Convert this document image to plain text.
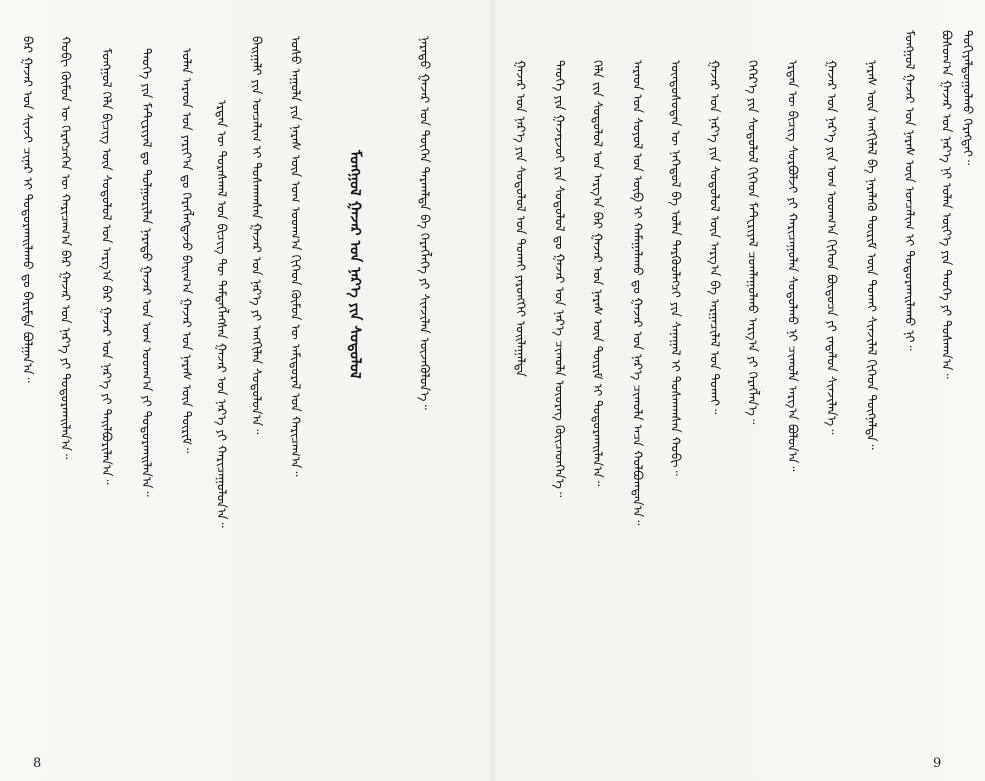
ᠪᠡᠷ ᠭᠠᠵᠠᠷ ᠤᠨ ᠰᠢᠨᠵᠢ ᠴᠢᠨᠠᠷ ᠢ ᠲᠣᠳᠣᠷᠬᠠᠢᠯᠠᠬᠤ ᠳᠤ ᠪᠠᠷᠢᠮᠲᠠ ᠪᠣᠯᠭᠠᠨ᠎ᠠ᠃ ᠬᠤᠪᠢ ᠬᠦᠮᠦᠨ ᠦ ᠬᠡᠷᠡᠭᠴᠡᠭᠡᠨ ᠦ ᠬᠠᠷᠢᠴᠠᠭ᠎ᠠ ᠪᠡᠷ ᠭᠠᠵᠠᠷ ᠤᠨ ᠨᠡᠷ᠎ᠡ ᠶᠢ ᠲᠣᠳᠣᠷᠬᠠᠢᠯᠠᠨ᠎ᠠ᠃ ᠮᠣᠩᠭᠣᠯ ᠬᠡᠯᠡ ᠪᠢᠴᠢᠭ ᠦᠨ ᠰᠤᠳᠤᠯᠤᠯ ᠤᠨ ᠠᠷᠭ᠎ᠠ ᠪᠠᠷ ᠭᠠᠵᠠᠷ ᠤᠨ ᠨᠡᠷ᠎ᠡ ᠶᠢ ᠲᠠᠢᠯᠪᠤᠷᠢᠯᠠᠨ᠎ᠠ᠃ ᠲᠡᠦᠬᠡ ᠶᠢᠨ ᠮᠠᠲ᠋ᠧᠷᠢᠶᠠᠯ ᠳᠤ ᠲᠤᠯᠭᠤᠷᠢᠯᠠᠨ ᠨᠡᠷᠡᠲᠦ ᠭᠠᠵᠠᠷ ᠤᠨ ᠤᠭ ᠤᠳᠬ᠎ᠠ ᠶᠢ ᠲᠣᠳᠣᠷᠬᠠᠢᠯᠠᠨ᠎ᠠ᠃ ᠣᠯᠠᠨ ᠠᠷᠠᠳ ᠤᠨ ᠶᠠᠷᠢᠶ᠎ᠠ ᠳᠤ ᠬᠡᠷᠡᠭᠯᠡᠭᠳᠡᠵᠦ ᠪᠠᠢᠭ᠎ᠠ ᠭᠠᠵᠠᠷ ᠤᠨ ᠨᠡᠷᠡᠰ ᠦᠨ ᠳᠦᠷᠢᠮ᠃ ᠡᠷᠲᠡᠨ ᠦ ᠳᠤᠷᠠᠰᠬᠠᠯ ᠤᠨ ᠪᠢᠴᠢᠭ ᠲᠦ ᠲᠡᠮᠳᠡᠭᠯᠡᠭᠰᠡᠨ ᠭᠠᠵᠠᠷ ᠤᠨ ᠨᠡᠷ᠎ᠡ ᠶᠢ ᠬᠠᠷᠢᠴᠠᠭᠤᠯᠤᠨ᠎ᠠ᠃ ᠪᠠᠢᠭᠠᠯᠢ ᠶᠢᠨ ᠣᠨᠴᠠᠯᠢᠭ ᠢ ᠲᠤᠰᠬᠠᠭᠰᠠᠨ ᠭᠠᠵᠠᠷ ᠤᠨ ᠨᠡᠷ᠎ᠡ ᠶᠢ ᠠᠩᠭᠢᠯᠠᠨ ᠰᠤᠳᠤᠯᠤᠨ᠎ᠠ᠃ ᠤᠰᠤ ᠠᠭᠤᠯᠠ ᠶᠢᠨ ᠨᠡᠷᠡᠰ ᠦᠨ ᠤᠭ ᠤᠳᠬ᠎ᠠ ᠬᠢᠭᠡᠳ ᠬᠦᠮᠦᠨ ᠦ ᠠᠮᠢᠳᠤᠷᠠᠯ ᠤᠨ ᠬᠠᠷᠢᠴᠠᠭ᠎ᠠ᠃	ᠮᠣᠩᠭᠣᠯ ᠭᠠᠵᠠᠷ ᠤᠨ ᠨᠡᠷ᠎ᠡ ᠶᠢᠨ ᠰᠤᠳᠤᠯᠤᠯ	ᠨᠡᠷᠡᠲᠦ ᠭᠠᠵᠠᠷ ᠤᠨ ᠲᠦᠭᠡᠨ ᠲᠠᠷᠬᠠᠯᠲᠠ ᠪᠠ ᠬᠡᠷᠡᠭᠯᠡᠭᠡ ᠶᠢ ᠰᠢᠨᠵᠢᠯᠡᠨ ᠦᠵᠡᠭᠦᠯᠦᠨ᠎ᠡ᠃
8
ᠭᠠᠵᠠᠷ ᠤᠨ ᠨᠡᠷ᠎ᠡ ᠶᠢᠨ ᠰᠤᠳᠤᠯᠤᠯ ᠤᠨ ᠲᠤᠬᠠᠢ ᠶᠡᠷᠦᠩᠬᠡᠢ ᠣᠢᠯᠠᠭᠠᠯᠲᠠ ᠲᠡᠦᠬᠡ ᠶᠢᠨ ᠭᠠᠵᠠᠷᠵᠦᠢ ᠶᠢᠨ ᠰᠤᠳᠤᠯᠤᠯ ᠳᠤ ᠭᠠᠵᠠᠷ ᠤᠨ ᠨᠡᠷ᠎ᠡ ᠴᠢᠬᠤᠯᠠ ᠦᠦᠷᠡᠭ ᠭᠦᠢᠴᠡᠳᠭᠡᠨ᠎ᠡ᠃ ᠬᠡᠯᠡ ᠵᠢᠨ ᠰᠤᠳᠤᠯᠤᠯ ᠤᠨ ᠠᠷᠭ᠎ᠠ ᠪᠠᠷ ᠭᠠᠵᠠᠷ ᠤᠨ ᠨᠡᠷᠡᠰ ᠦᠨ ᠳᠦᠷᠢᠮ ᠢ ᠲᠣᠳᠣᠷᠬᠠᠢᠯᠠᠨ᠎ᠠ᠃ ᠠᠷᠠᠳ ᠤᠨ ᠰᠣᠶᠣᠯ ᠤᠨ ᠥᠪ ᠢ ᠬᠠᠮᠠᠭᠠᠯᠠᠬᠤ ᠳᠤ ᠭᠠᠵᠠᠷ ᠤᠨ ᠨᠡᠷ᠎ᠡ ᠴᠢᠬᠤᠯᠠ ᠠᠴᠠ ᠬᠣᠯᠪᠣᠭᠳᠠᠨ᠎ᠠ᠃ ᠦᠨᠳᠦᠰᠦᠲᠡᠨ ᠦ ᠨᠡᠭᠡᠳᠦᠯ ᠪᠠ ᠣᠯᠠᠨ ᠲᠡᠷᠭᠦᠦᠯᠡᠭᠴᠢ ᠶᠢᠨ ᠰᠠᠨᠠᠭᠠᠯ ᠢ ᠲᠤᠰᠬᠠᠭᠰᠠᠨ ᠬᠤᠪᠢ᠃ ᠭᠠᠵᠠᠷ ᠤᠨ ᠨᠡᠷ᠎ᠡ ᠶᠢᠨ ᠰᠤᠳᠤᠯᠤᠯ ᠦᠨ ᠠᠷᠭ᠎ᠠ ᠪᠠ ᠠᠷᠭᠠᠴᠢᠯᠠᠯ ᠤᠨ ᠲᠤᠬᠠᠢ᠃ ᠬᠡᠭᠡᠷ᠎ᠡ ᠶᠢᠨ ᠰᠤᠳᠤᠯᠤᠯ ᠬᠢᠭᠡᠳ ᠮᠠᠲ᠋ᠧᠷᠢᠶᠠᠯ ᠴᠤᠭᠯᠠᠭᠤᠯᠬᠤ ᠠᠷᠭ᠎ᠠ ᠶᠢ ᠬᠡᠷᠡᠭᠯᠡᠨ᠎ᠡ᠃ ᠡᠷᠲᠡᠨ ᠦ ᠪᠢᠴᠢᠭ ᠰᠤᠷᠪᠤᠯᠵᠢ ᠶᠢ ᠬᠠᠷᠢᠴᠠᠭᠤᠯᠠᠨ ᠰᠤᠳᠤᠯᠬᠤ ᠨᠢ ᠴᠢᠬᠤᠯᠠ ᠠᠷᠭ᠎ᠠ ᠪᠣᠯᠤᠨ᠎ᠠ᠃ ᠭᠠᠵᠠᠷ ᠤᠨ ᠨᠡᠷ᠎ᠡ ᠶᠢᠨ ᠤᠭ ᠤᠳᠬ᠎ᠠ ᠬᠢᠭᠡᠳ ᠪᠦᠲᠦᠴᠡ ᠶᠢ ᠵᠠᠳᠠᠯᠤᠨ ᠰᠢᠨᠵᠢᠯᠡᠨ᠎ᠡ᠃ ᠨᠡᠷᠡᠰ ᠦᠨ ᠠᠩᠭᠢᠯᠠᠯ ᠪᠠ ᠨᠡᠷᠡᠯᠡᠬᠦ ᠳᠦᠷᠢᠮ ᠦᠨ ᠲᠤᠬᠠᠢ ᠰᠢᠨᠵᠢᠯᠡᠯ ᠬᠢᠭᠡᠳ ᠳᠦᠭᠨᠡᠯᠲᠡ᠃ ᠮᠣᠩᠭᠣᠯ ᠭᠠᠵᠠᠷ ᠤᠨ ᠨᠡᠷᠡᠰ ᠦᠨ ᠣᠨᠴᠠᠯᠢᠭ ᠢ ᠲᠣᠳᠣᠷᠬᠠᠢᠯᠠᠬᠤ ᠨᠢ᠃ ᠪᠣᠰᠣᠭ᠎ᠠ ᠭᠠᠵᠠᠷ ᠤᠨ ᠨᠡᠷ᠎ᠡ ᠨᠢ ᠣᠯᠠᠨ ᠦᠶ᠎ᠡ ᠶᠢᠨ ᠲᠡᠦᠬᠡ ᠶᠢ ᠲᠤᠰᠬᠠᠨ᠎ᠠ᠃ ᠲᠣᠬᠢᠶᠠᠯᠳᠤᠭᠤᠯᠬᠤ ᠬᠡᠷᠡᠭᠲᠡᠢ᠃
9
